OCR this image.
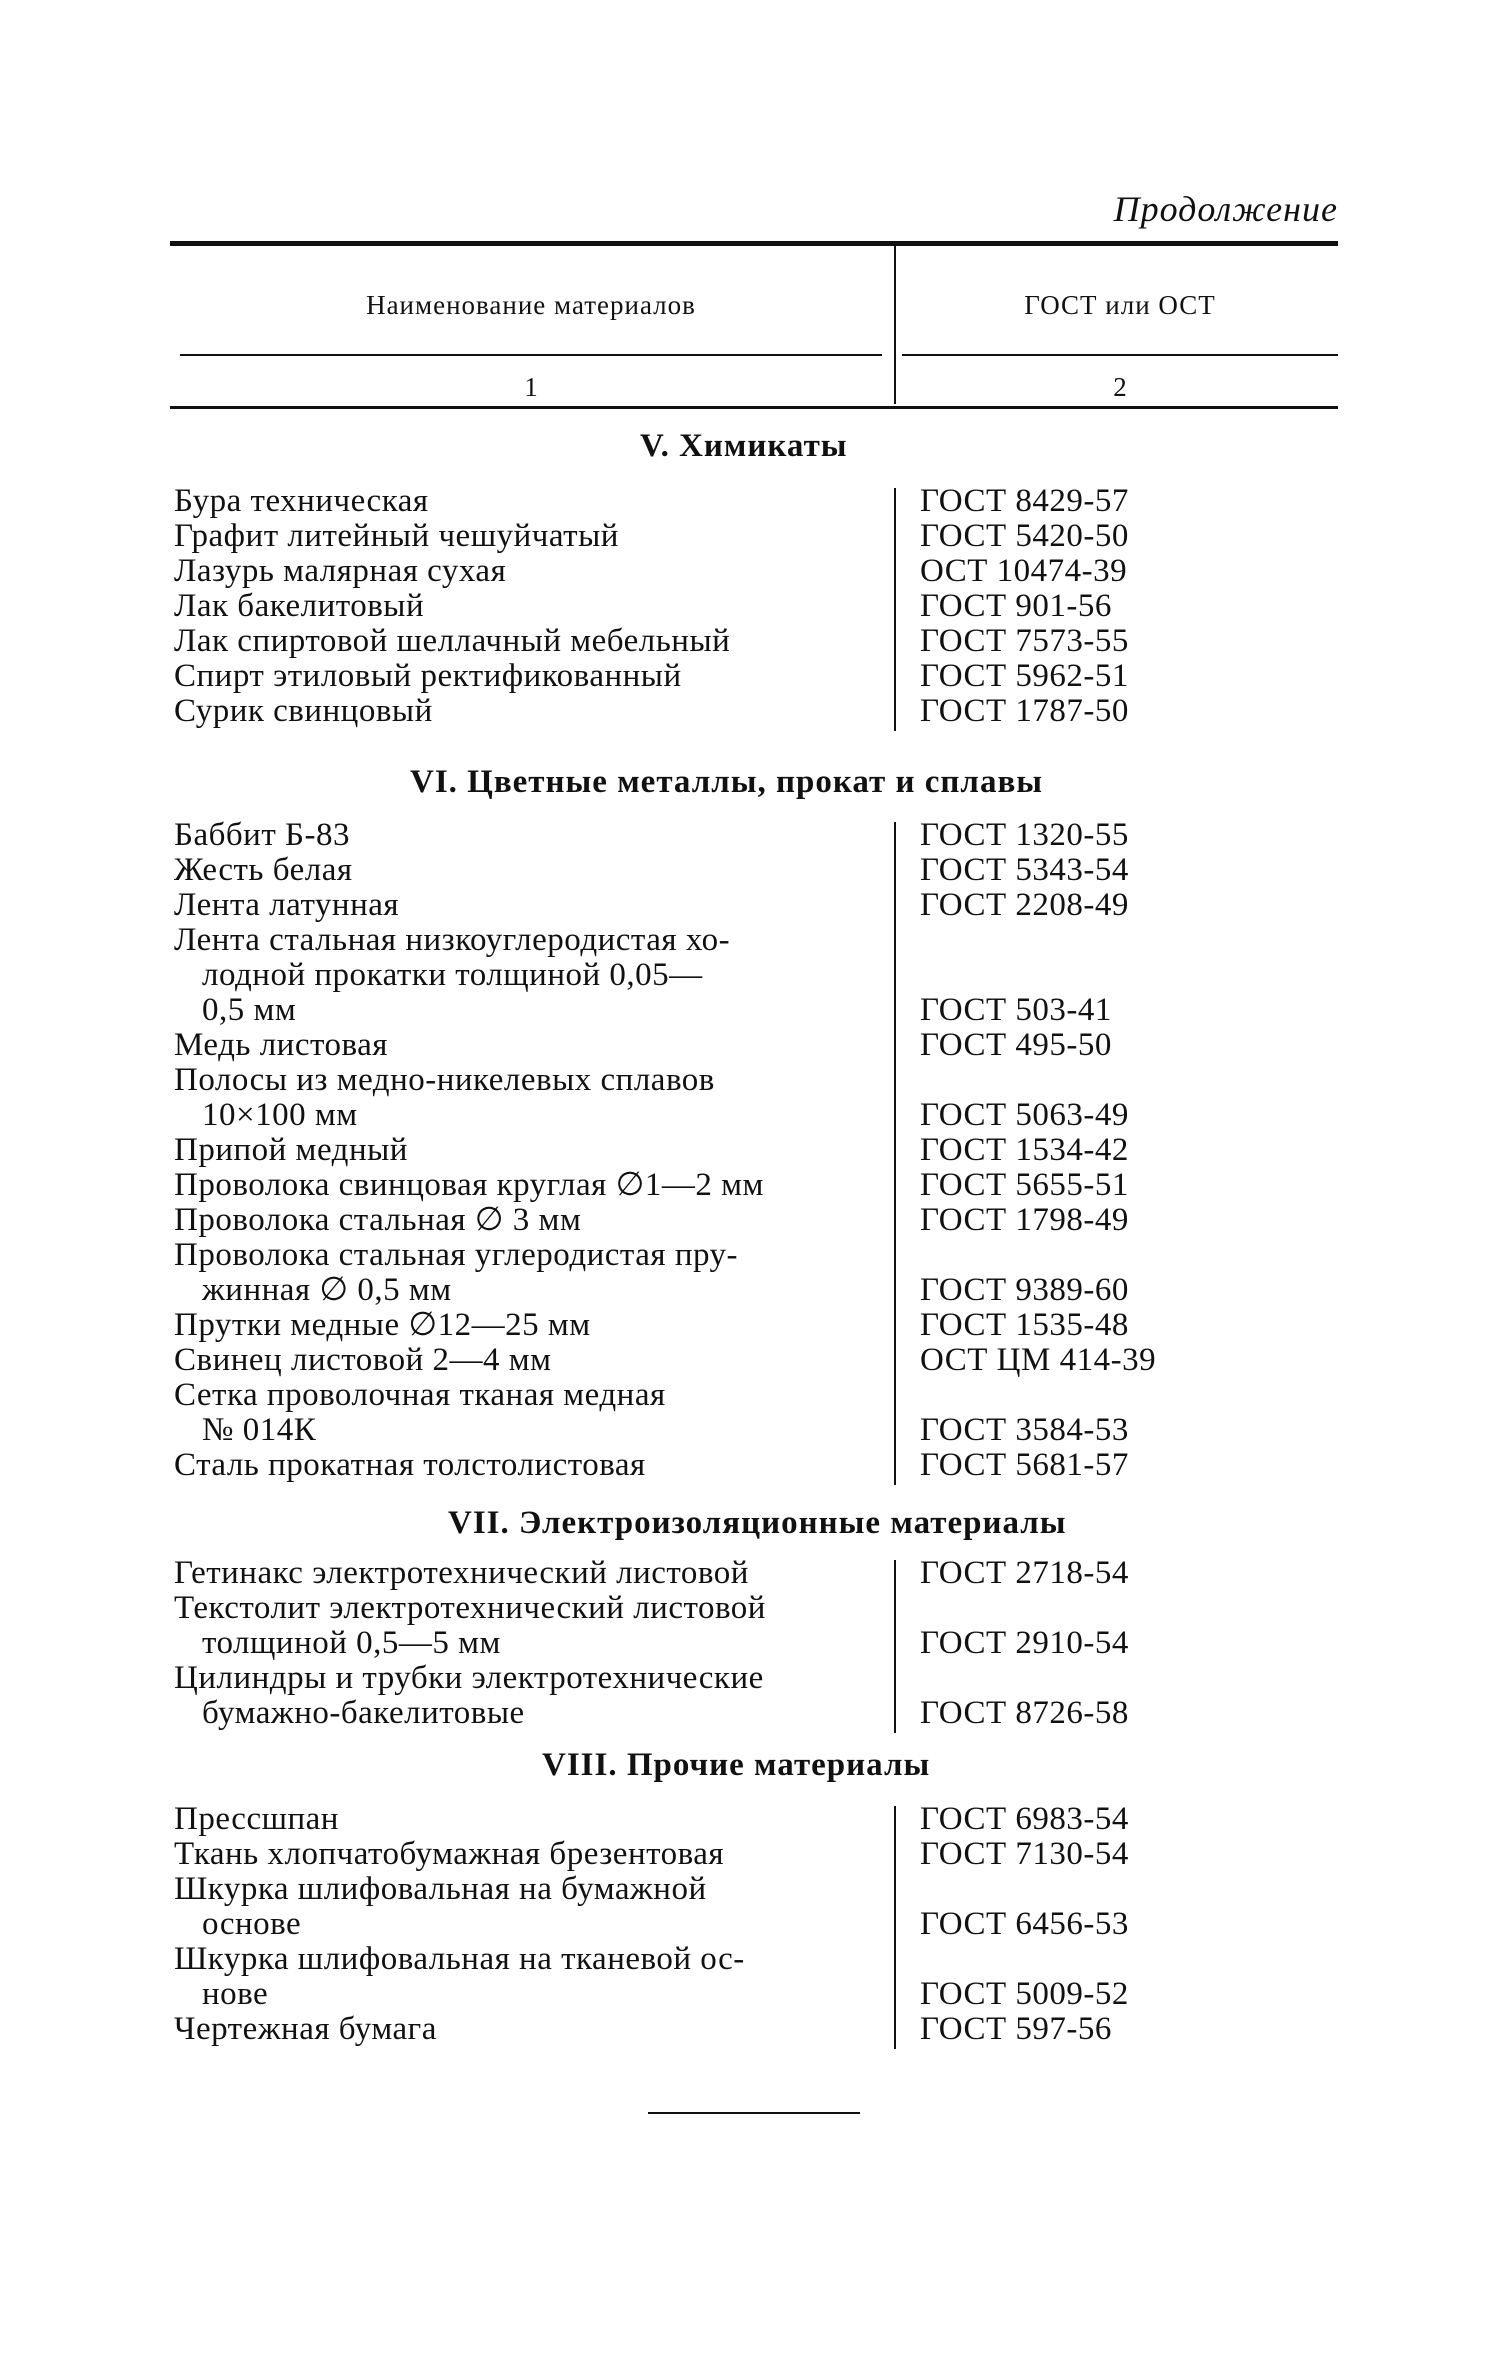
Продолжение
Наименование материалов	ГОСТ или ОСТ
1	2
V. Химикаты
Бура техническая	ГОСТ 8429-57
Графит литейный чешуйчатый	ГОСТ 5420-50
Лазурь малярная сухая	ОСТ 10474-39
Лак бакелитовый	ГОСТ 901-56
Лак спиртовой шеллачный мебельный	ГОСТ 7573-55
Спирт этиловый ректификованный	ГОСТ 5962-51
Сурик свинцовый	ГОСТ 1787-50
VI. Цветные металлы, прокат и сплавы
Баббит Б-83	ГОСТ 1320-55
Жесть белая	ГОСТ 5343-54
Лента латунная	ГОСТ 2208-49
Лента стальная низкоуглеродистая хо-
лодной прокатки толщиной 0,05—
0,5 мм	ГОСТ 503-41
Медь листовая	ГОСТ 495-50
Полосы из медно-никелевых сплавов
10×100 мм	ГОСТ 5063-49
Припой медный	ГОСТ 1534-42
Проволока свинцовая круглая ∅1—2 мм	ГОСТ 5655-51
Проволока стальная ∅ 3 мм	ГОСТ 1798-49
Проволока стальная углеродистая пру-
жинная ∅ 0,5 мм	ГОСТ 9389-60
Прутки медные ∅12—25 мм	ГОСТ 1535-48
Свинец листовой 2—4 мм	ОСТ ЦМ 414-39
Сетка проволочная тканая медная
№ 014К	ГОСТ 3584-53
Сталь прокатная толстолистовая	ГОСТ 5681-57
VII. Электроизоляционные материалы
Гетинакс электротехнический листовой	ГОСТ 2718-54
Текстолит электротехнический листовой
толщиной 0,5—5 мм	ГОСТ 2910-54
Цилиндры и трубки электротехнические
бумажно-бакелитовые	ГОСТ 8726-58
VIII. Прочие материалы
Прессшпан	ГОСТ 6983-54
Ткань хлопчатобумажная брезентовая	ГОСТ 7130-54
Шкурка шлифовальная на бумажной
основе	ГОСТ 6456-53
Шкурка шлифовальная на тканевой ос-
нове	ГОСТ 5009-52
Чертежная бумага	ГОСТ 597-56
